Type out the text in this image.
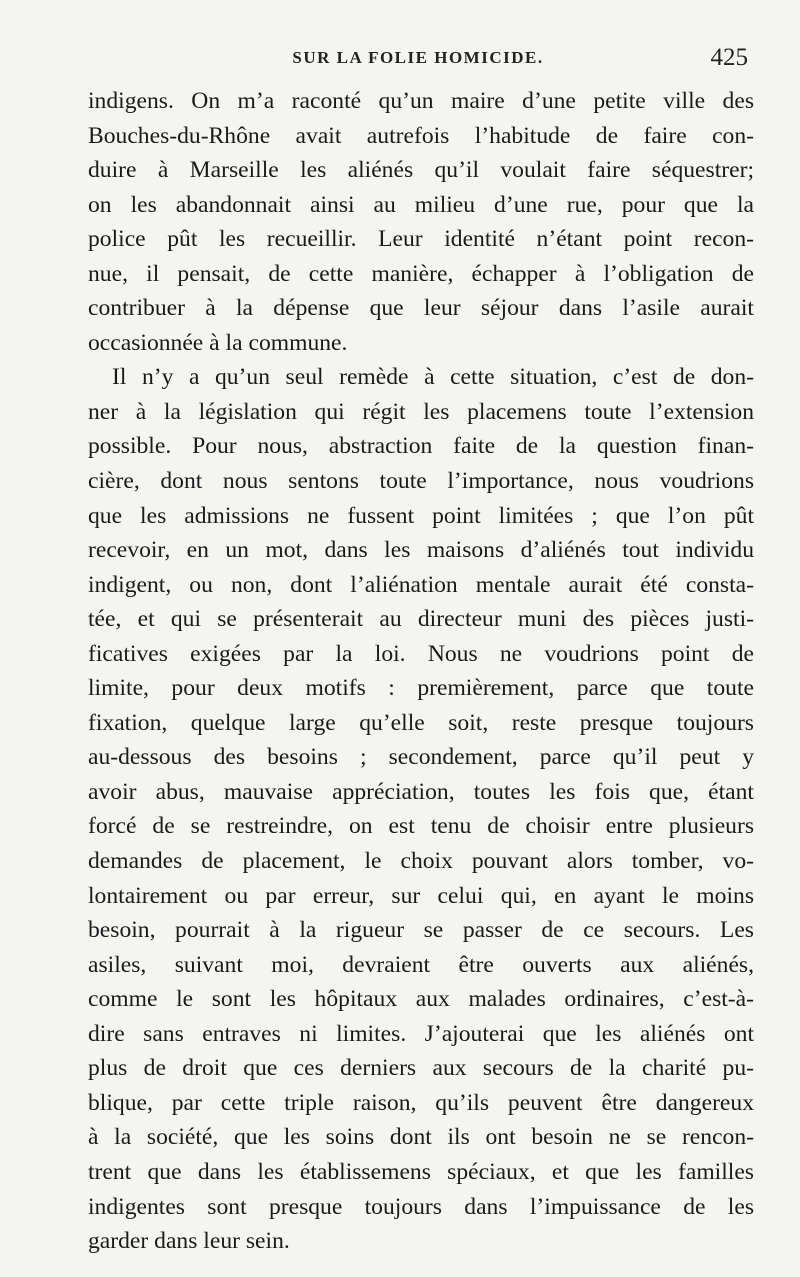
SUR LA FOLIE HOMICIDE.	425
indigens. On m’a raconté qu’un maire d’une petite ville des
Bouches-du-Rhône avait autrefois l’habitude de faire con-
duire à Marseille les aliénés qu’il voulait faire séquestrer;
on les abandonnait ainsi au milieu d’une rue, pour que la
police pût les recueillir. Leur identité n’étant point recon-
nue, il pensait, de cette manière, échapper à l’obligation de
contribuer à la dépense que leur séjour dans l’asile aurait
occasionnée à la commune.
Il n’y a qu’un seul remède à cette situation, c’est de don-
ner à la législation qui régit les placemens toute l’extension
possible. Pour nous, abstraction faite de la question finan-
cière, dont nous sentons toute l’importance, nous voudrions
que les admissions ne fussent point limitées ; que l’on pût
recevoir, en un mot, dans les maisons d’aliénés tout individu
indigent, ou non, dont l’aliénation mentale aurait été consta-
tée, et qui se présenterait au directeur muni des pièces justi-
ficatives exigées par la loi. Nous ne voudrions point de
limite, pour deux motifs : premièrement, parce que toute
fixation, quelque large qu’elle soit, reste presque toujours
au-dessous des besoins ; secondement, parce qu’il peut y
avoir abus, mauvaise appréciation, toutes les fois que, étant
forcé de se restreindre, on est tenu de choisir entre plusieurs
demandes de placement, le choix pouvant alors tomber, vo-
lontairement ou par erreur, sur celui qui, en ayant le moins
besoin, pourrait à la rigueur se passer de ce secours. Les
asiles, suivant moi, devraient être ouverts aux aliénés,
comme le sont les hôpitaux aux malades ordinaires, c’est-à-
dire sans entraves ni limites. J’ajouterai que les aliénés ont
plus de droit que ces derniers aux secours de la charité pu-
blique, par cette triple raison, qu’ils peuvent être dangereux
à la société, que les soins dont ils ont besoin ne se rencon-
trent que dans les établissemens spéciaux, et que les familles
indigentes sont presque toujours dans l’impuissance de les
garder dans leur sein.
